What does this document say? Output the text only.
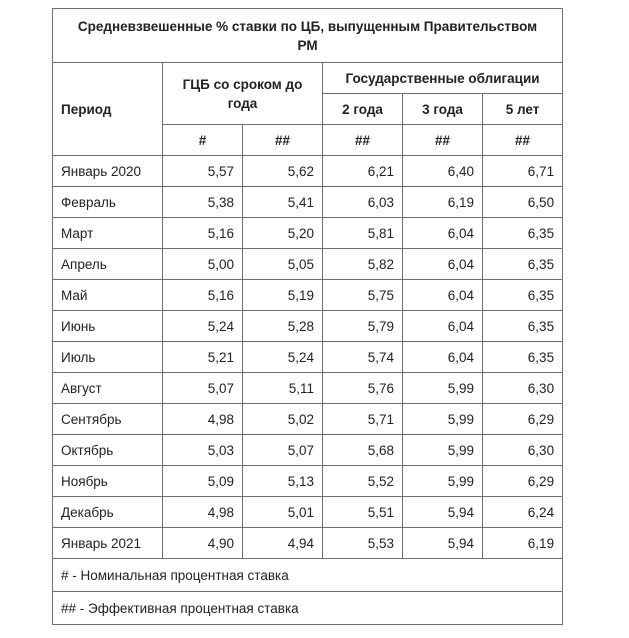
Средневзвешенные % ставки по ЦБ, выпущенным Правительством РМ					
Период	ГЦБ со сроком до года		Государственные облигации		
			2 года	3 года	5 лет
	#	##	##	##	##
Январь 2020	5,57	5,62	6,21	6,40	6,71
Февраль	5,38	5,41	6,03	6,19	6,50
Март	5,16	5,20	5,81	6,04	6,35
Апрель	5,00	5,05	5,82	6,04	6,35
Май	5,16	5,19	5,75	6,04	6,35
Июнь	5,24	5,28	5,79	6,04	6,35
Июль	5,21	5,24	5,74	6,04	6,35
Август	5,07	5,11	5,76	5,99	6,30
Сентябрь	4,98	5,02	5,71	5,99	6,29
Октябрь	5,03	5,07	5,68	5,99	6,30
Ноябрь	5,09	5,13	5,52	5,99	6,29
Декабрь	4,98	5,01	5,51	5,94	6,24
Январь 2021	4,90	4,94	5,53	5,94	6,19
# - Номинальная процентная ставка					
## - Эффективная процентная ставка					
